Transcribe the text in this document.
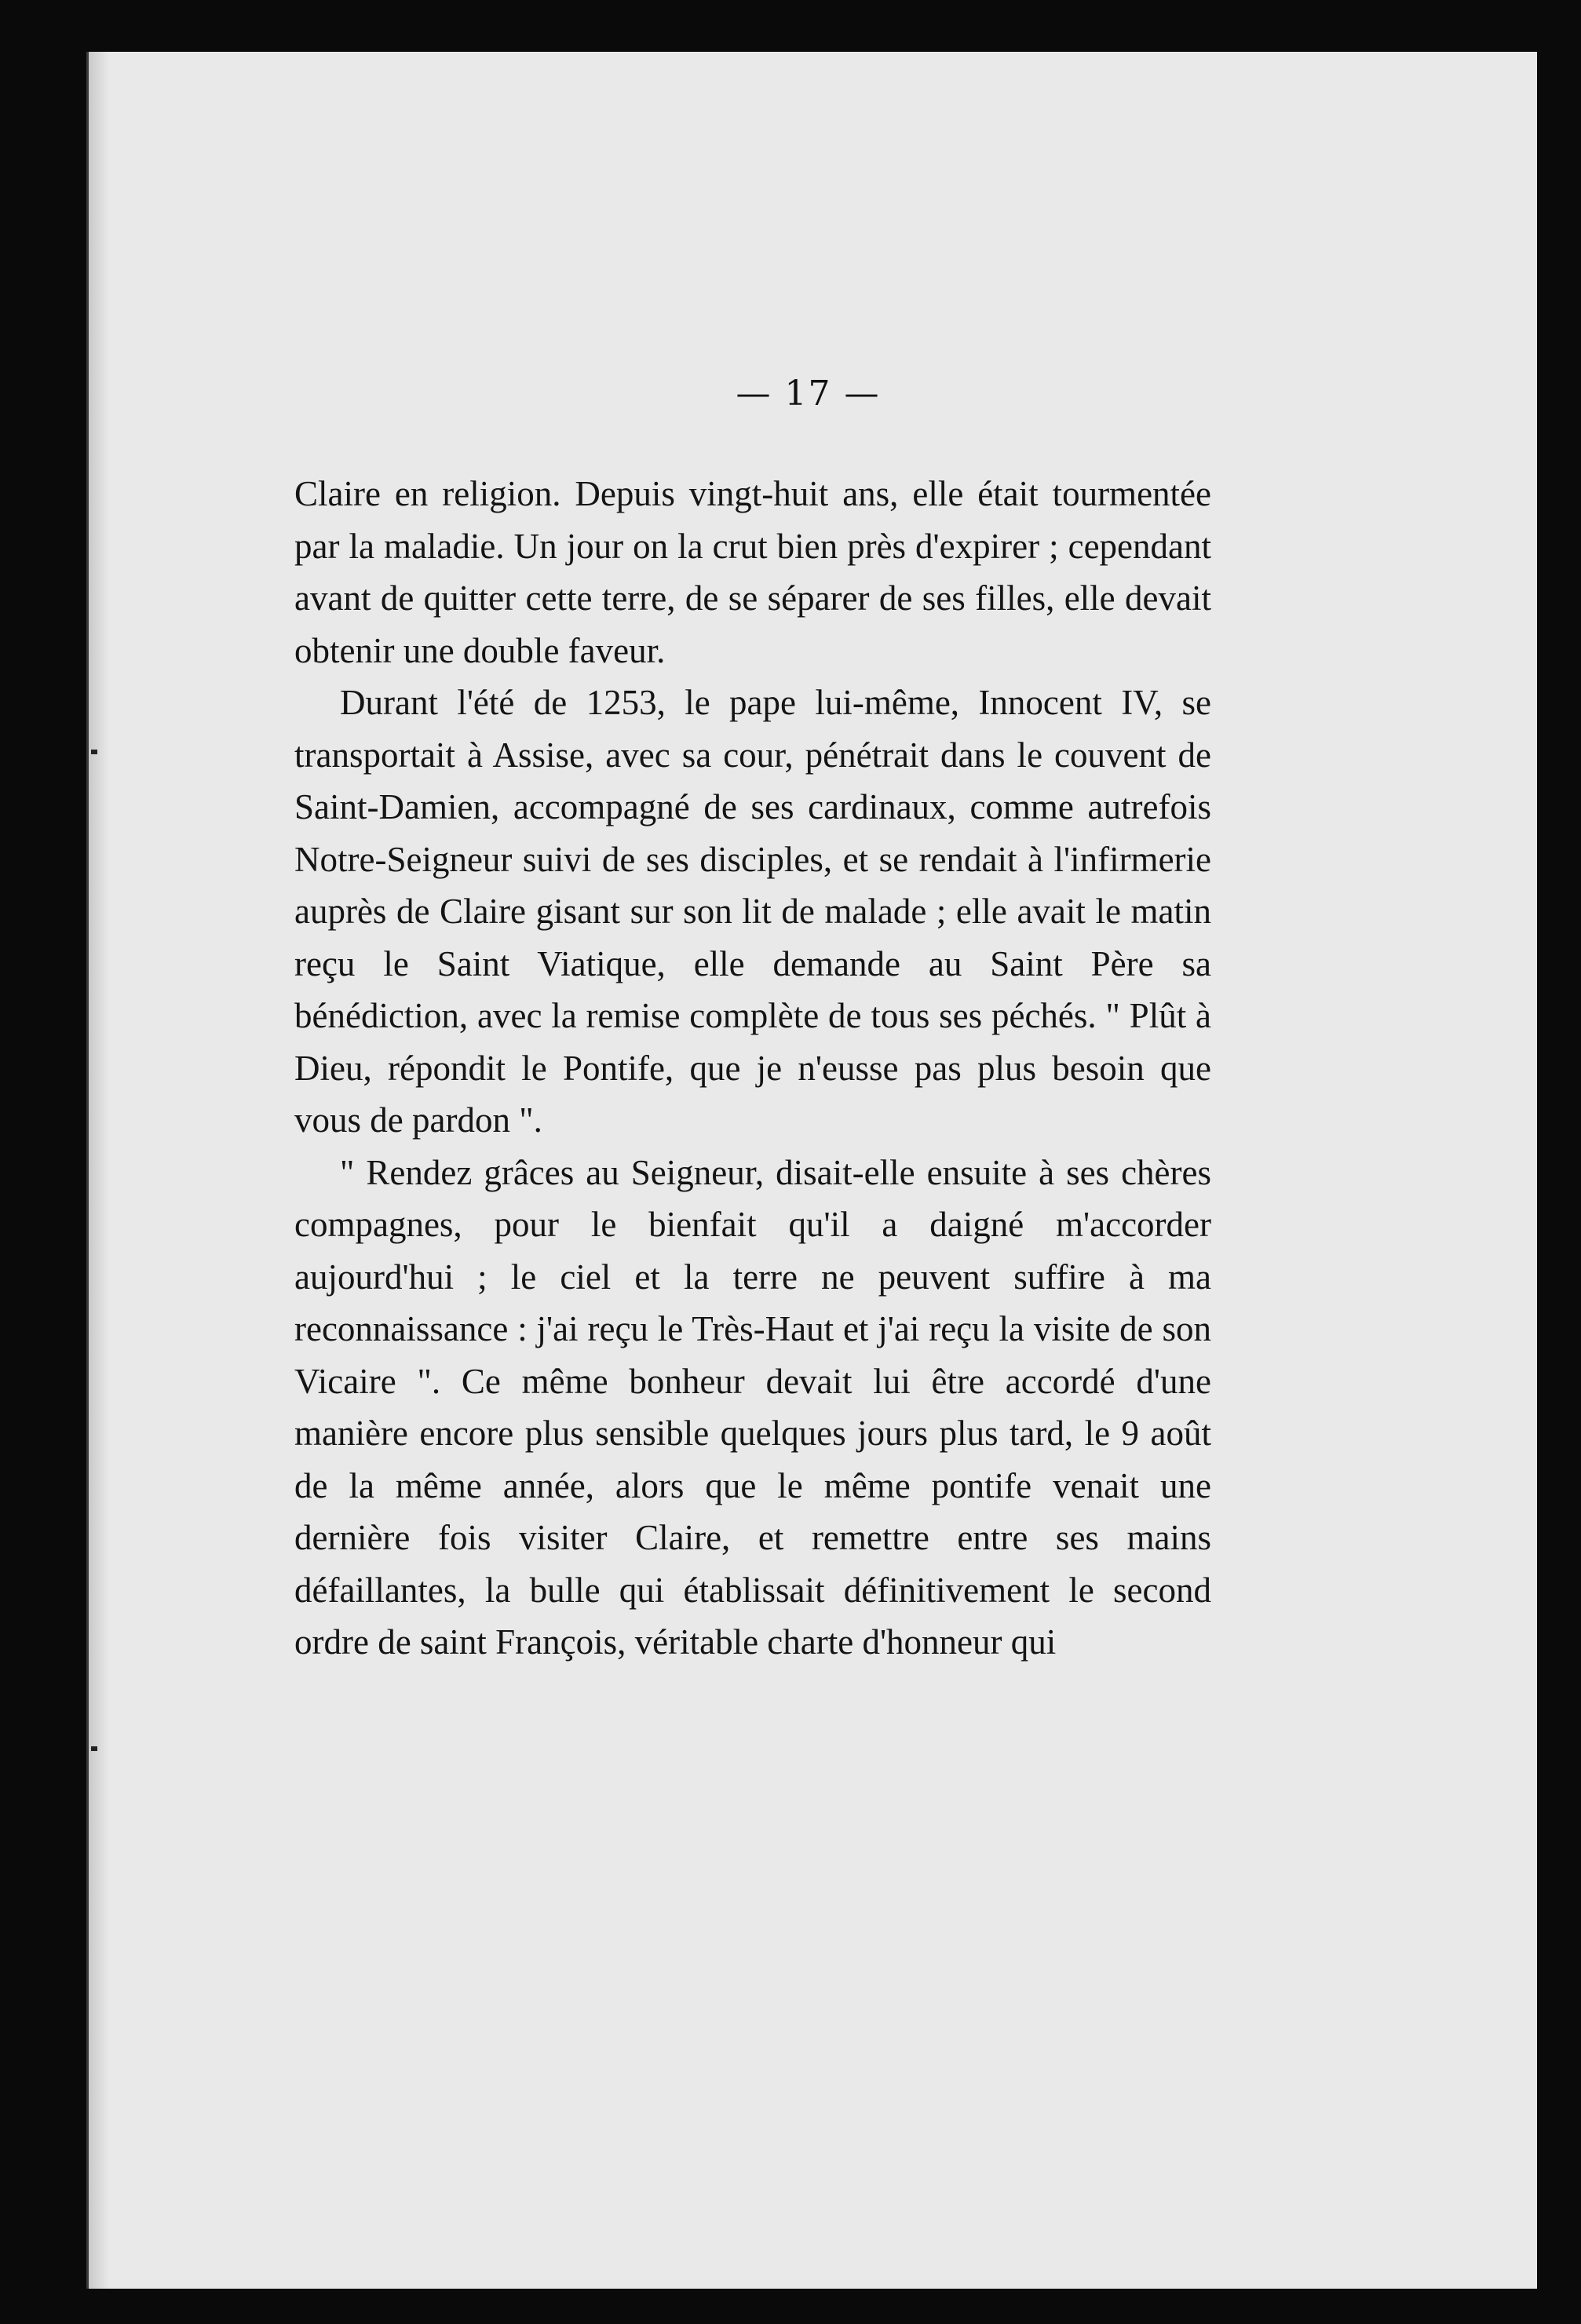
— 17 —

Claire en religion. Depuis vingt-huit ans, elle était tourmentée par la maladie. Un jour on la crut bien près d'expirer ; cependant avant de quitter cette terre, de se séparer de ses filles, elle devait obtenir une double faveur.

Durant l'été de 1253, le pape lui-même, Innocent IV, se transportait à Assise, avec sa cour, pénétrait dans le couvent de Saint-Damien, accompagné de ses cardinaux, comme autrefois Notre-Seigneur suivi de ses disciples, et se rendait à l'infirmerie auprès de Claire gisant sur son lit de malade ; elle avait le matin reçu le Saint Viatique, elle demande au Saint Père sa bénédiction, avec la remise complète de tous ses péchés. " Plût à Dieu, répondit le Pontife, que je n'eusse pas plus besoin que vous de pardon ".

" Rendez grâces au Seigneur, disait-elle ensuite à ses chères compagnes, pour le bienfait qu'il a daigné m'accorder aujourd'hui ; le ciel et la terre ne peuvent suffire à ma reconnaissance : j'ai reçu le Très-Haut et j'ai reçu la visite de son Vicaire ". Ce même bonheur devait lui être accordé d'une manière encore plus sensible quelques jours plus tard, le 9 août de la même année, alors que le même pontife venait une dernière fois visiter Claire, et remettre entre ses mains défaillantes, la bulle qui établissait définitivement le second ordre de saint François, véritable charte d'honneur qui
